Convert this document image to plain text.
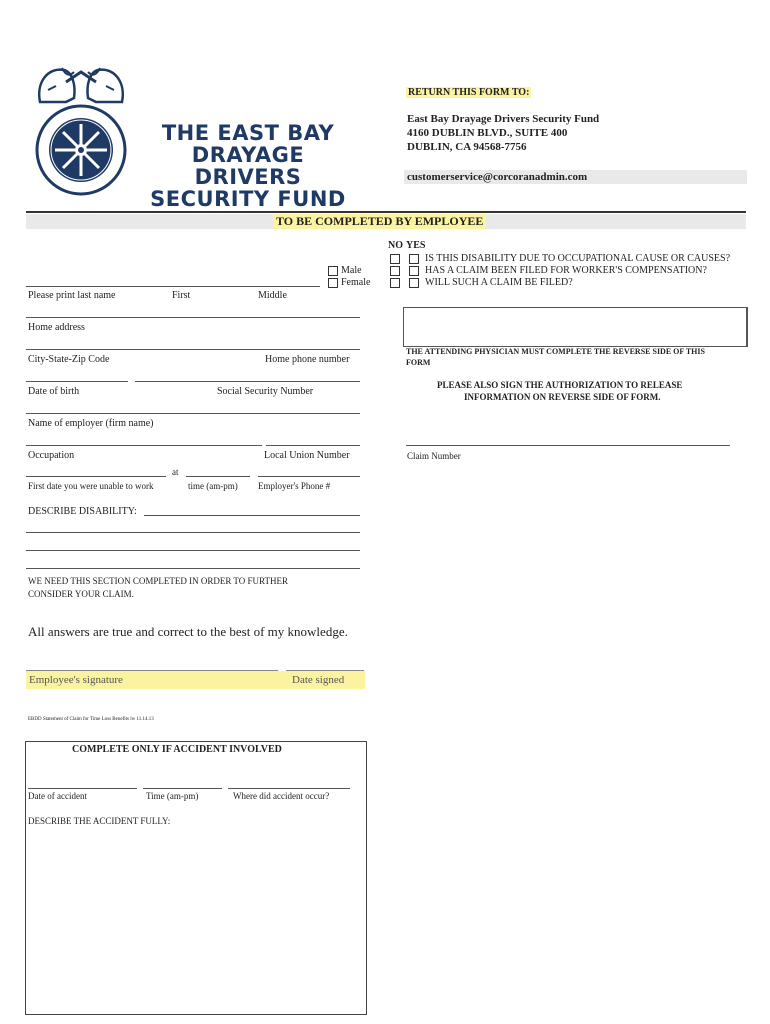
THE EAST BAY
DRAYAGE DRIVERS
SECURITY FUND
RETURN THIS FORM TO:
East Bay Drayage Drivers Security Fund
4160 DUBLIN BLVD., SUITE 400
DUBLIN, CA 94568-7756
customerservice@corcoranadmin.com
TO BE COMPLETED BY EMPLOYEE
NO YES
IS THIS DISABILITY DUE TO OCCUPATIONAL CAUSE OR CAUSES?
HAS A CLAIM BEEN FILED FOR WORKER'S COMPENSATION?
WILL SUCH A CLAIM BE FILED?
Male
Female
Please print last name	First	Middle
Home address
City-State-Zip Code	Home phone number
Date of birth	Social Security Number
Name of employer (firm name)
Occupation	Local Union Number
at
First date you were unable to work	time (am-pm) Employer's Phone #
DESCRIBE DISABILITY:
WE NEED THIS SECTION COMPLETED IN ORDER TO FURTHER
CONSIDER YOUR CLAIM.
THE ATTENDING PHYSICIAN MUST COMPLETE THE REVERSE SIDE OF THIS
FORM
PLEASE ALSO SIGN THE AUTHORIZATION TO RELEASE
INFORMATION ON REVERSE SIDE OF FORM.
Claim Number
All answers are true and correct to the best of my knowledge.
Employee's signature	Date signed
EBDD Statement of Claim for Time Loss Benefits lw 11.14.13
COMPLETE ONLY IF ACCIDENT INVOLVED
Date of accident	Time (am-pm)	Where did accident occur?
DESCRIBE THE ACCIDENT FULLY:
